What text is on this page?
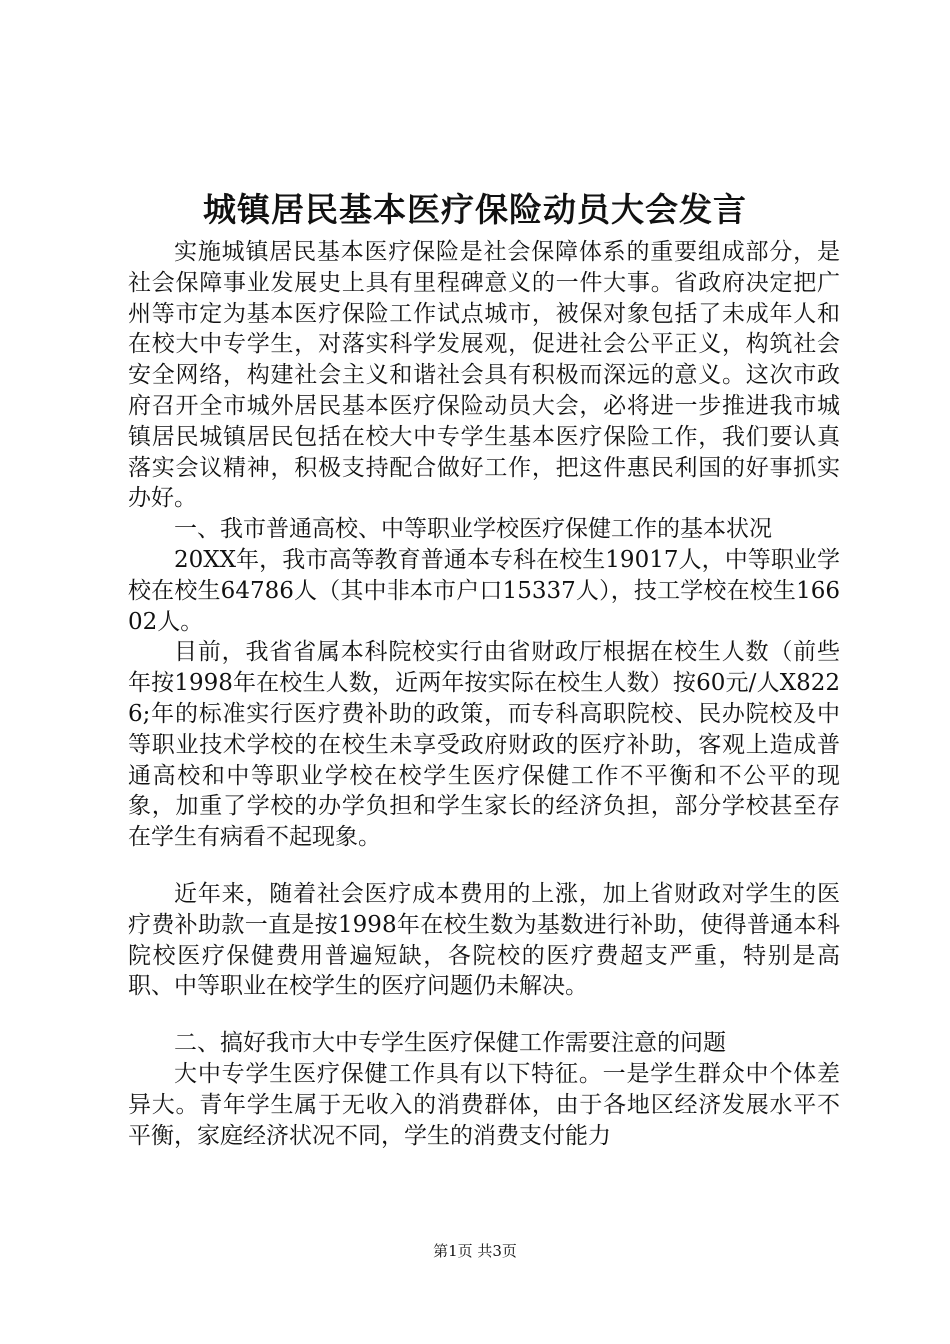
城镇居民基本医疗保险动员大会发言

实施城镇居民基本医疗保险是社会保障体系的重要组成部分，是社会保障事业发展史上具有里程碑意义的一件大事。省政府决定把广州等市定为基本医疗保险工作试点城市，被保对象包括了未成年人和在校大中专学生，对落实科学发展观，促进社会公平正义，构筑社会安全网络，构建社会主义和谐社会具有积极而深远的意义。这次市政府召开全市城外居民基本医疗保险动员大会，必将进一步推进我市城镇居民城镇居民包括在校大中专学生基本医疗保险工作，我们要认真落实会议精神，积极支持配合做好工作，把这件惠民利国的好事抓实办好。

一、我市普通高校、中等职业学校医疗保健工作的基本状况

20XX年，我市高等教育普通本专科在校生19017人，中等职业学校在校生64786人（其中非本市户口15337人），技工学校在校生16602人。

目前，我省省属本科院校实行由省财政厅根据在校生人数（前些年按1998年在校生人数，近两年按实际在校生人数）按60元/人X8226;年的标准实行医疗费补助的政策，而专科高职院校、民办院校及中等职业技术学校的在校生未享受政府财政的医疗补助，客观上造成普通高校和中等职业学校在校学生医疗保健工作不平衡和不公平的现象，加重了学校的办学负担和学生家长的经济负担，部分学校甚至存在学生有病看不起现象。

近年来，随着社会医疗成本费用的上涨，加上省财政对学生的医疗费补助款一直是按1998年在校生数为基数进行补助，使得普通本科院校医疗保健费用普遍短缺，各院校的医疗费超支严重，特别是高职、中等职业在校学生的医疗问题仍未解决。

二、搞好我市大中专学生医疗保健工作需要注意的问题

大中专学生医疗保健工作具有以下特征。一是学生群众中个体差异大。青年学生属于无收入的消费群体，由于各地区经济发展水平不平衡，家庭经济状况不同，学生的消费支付能力

第1页 共3页
